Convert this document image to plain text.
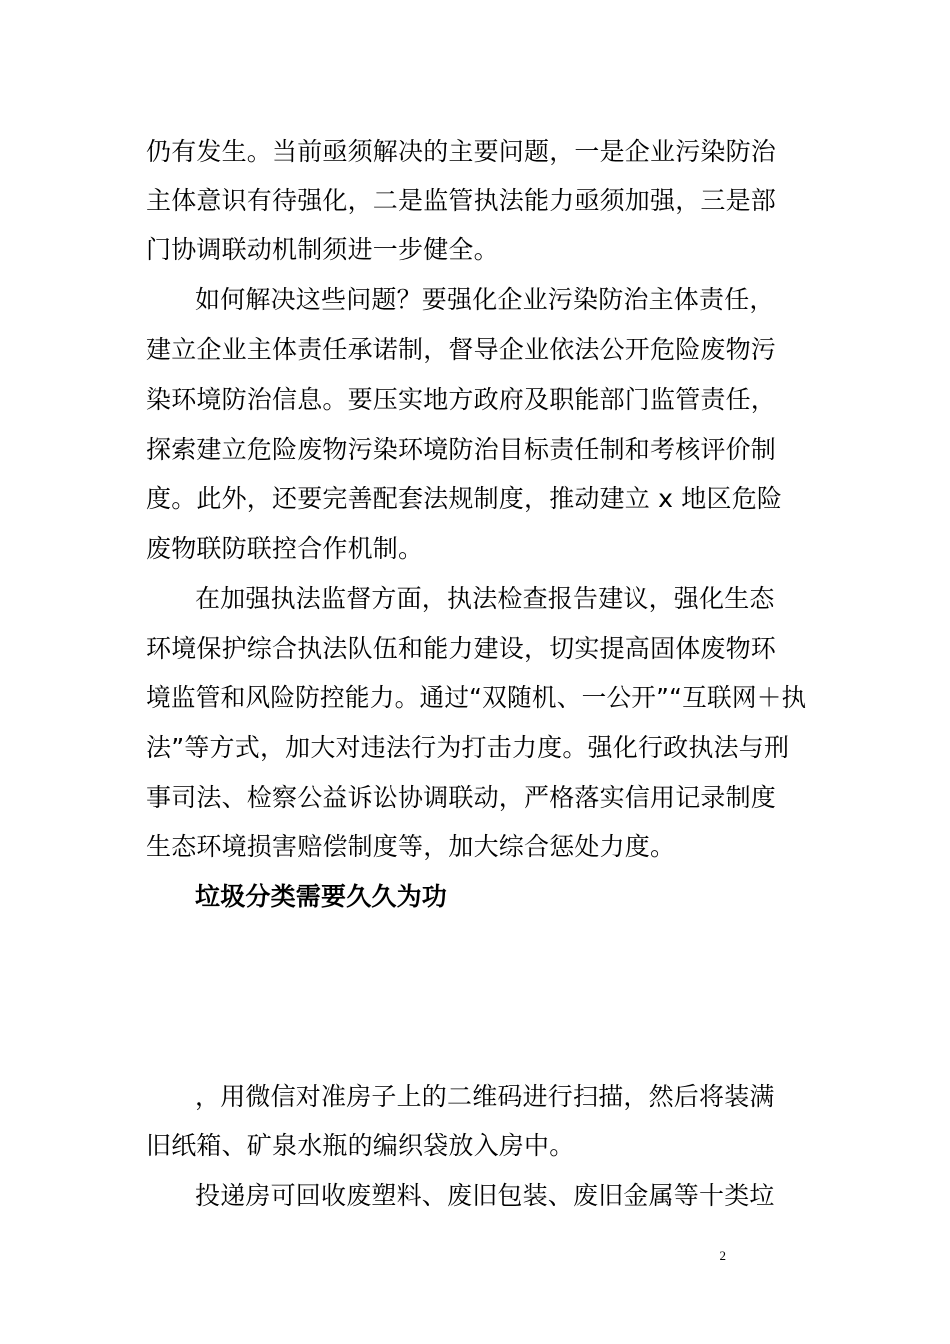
仍有发生。当前亟须解决的主要问题，一是企业污染防治
主体意识有待强化，二是监管执法能力亟须加强，三是部
门协调联动机制须进一步健全。
如何解决这些问题？要强化企业污染防治主体责任，
建立企业主体责任承诺制，督导企业依法公开危险废物污
染环境防治信息。要压实地方政府及职能部门监管责任，
探索建立危险废物污染环境防治目标责任制和考核评价制
度。此外，还要完善配套法规制度，推动建立 x 地区危险
废物联防联控合作机制。
在加强执法监督方面，执法检查报告建议，强化生态
环境保护综合执法队伍和能力建设，切实提高固体废物环
境监管和风险防控能力。通过“双随机、一公开”“互联网＋执
法”等方式，加大对违法行为打击力度。强化行政执法与刑
事司法、检察公益诉讼协调联动，严格落实信用记录制度
生态环境损害赔偿制度等，加大综合惩处力度。
垃圾分类需要久久为功
，用微信对准房子上的二维码进行扫描，然后将装满
旧纸箱、矿泉水瓶的编织袋放入房中。
投递房可回收废塑料、废旧包装、废旧金属等十类垃
2
